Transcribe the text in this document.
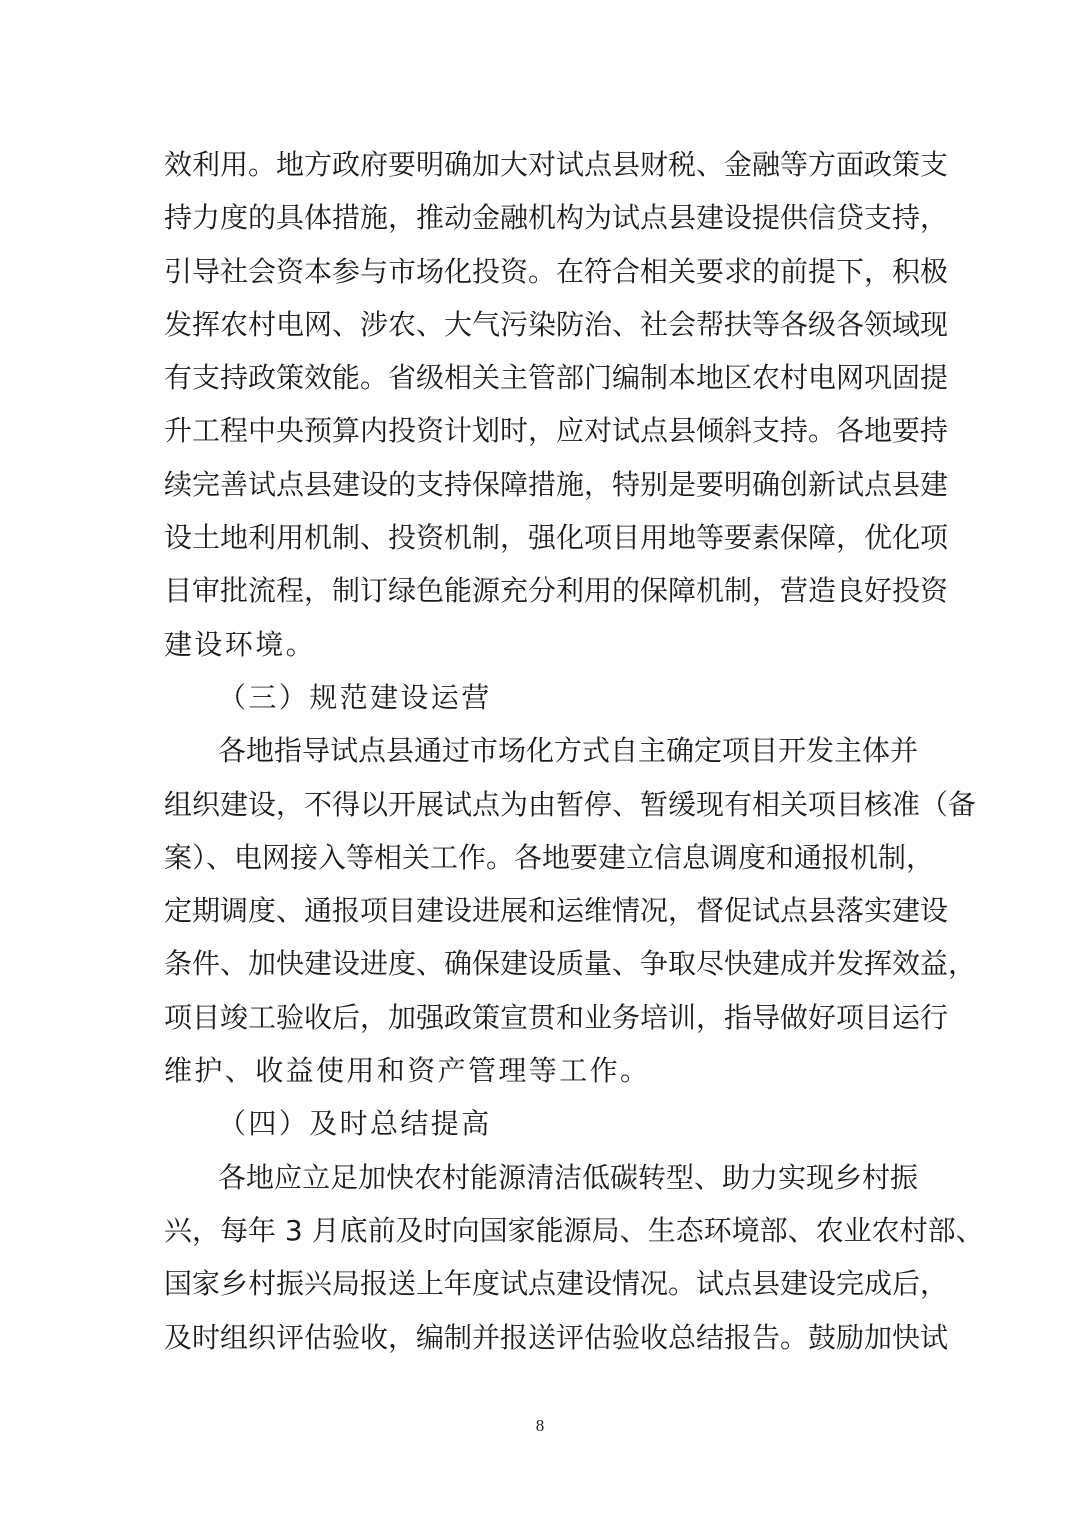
效利用。地方政府要明确加大对试点县财税、金融等方面政策支
持力度的具体措施，推动金融机构为试点县建设提供信贷支持，
引导社会资本参与市场化投资。在符合相关要求的前提下，积极
发挥农村电网、涉农、大气污染防治、社会帮扶等各级各领域现
有支持政策效能。省级相关主管部门编制本地区农村电网巩固提
升工程中央预算内投资计划时，应对试点县倾斜支持。各地要持
续完善试点县建设的支持保障措施，特别是要明确创新试点县建
设土地利用机制、投资机制，强化项目用地等要素保障，优化项
目审批流程，制订绿色能源充分利用的保障机制，营造良好投资
建设环境。
（三）规范建设运营
各地指导试点县通过市场化方式自主确定项目开发主体并
组织建设，不得以开展试点为由暂停、暂缓现有相关项目核准（备
案）、电网接入等相关工作。各地要建立信息调度和通报机制，
定期调度、通报项目建设进展和运维情况，督促试点县落实建设
条件、加快建设进度、确保建设质量、争取尽快建成并发挥效益，
项目竣工验收后，加强政策宣贯和业务培训，指导做好项目运行
维护、收益使用和资产管理等工作。
（四）及时总结提高
各地应立足加快农村能源清洁低碳转型、助力实现乡村振
兴，每年 3 月底前及时向国家能源局、生态环境部、农业农村部、
国家乡村振兴局报送上年度试点建设情况。试点县建设完成后，
及时组织评估验收，编制并报送评估验收总结报告。鼓励加快试
8
